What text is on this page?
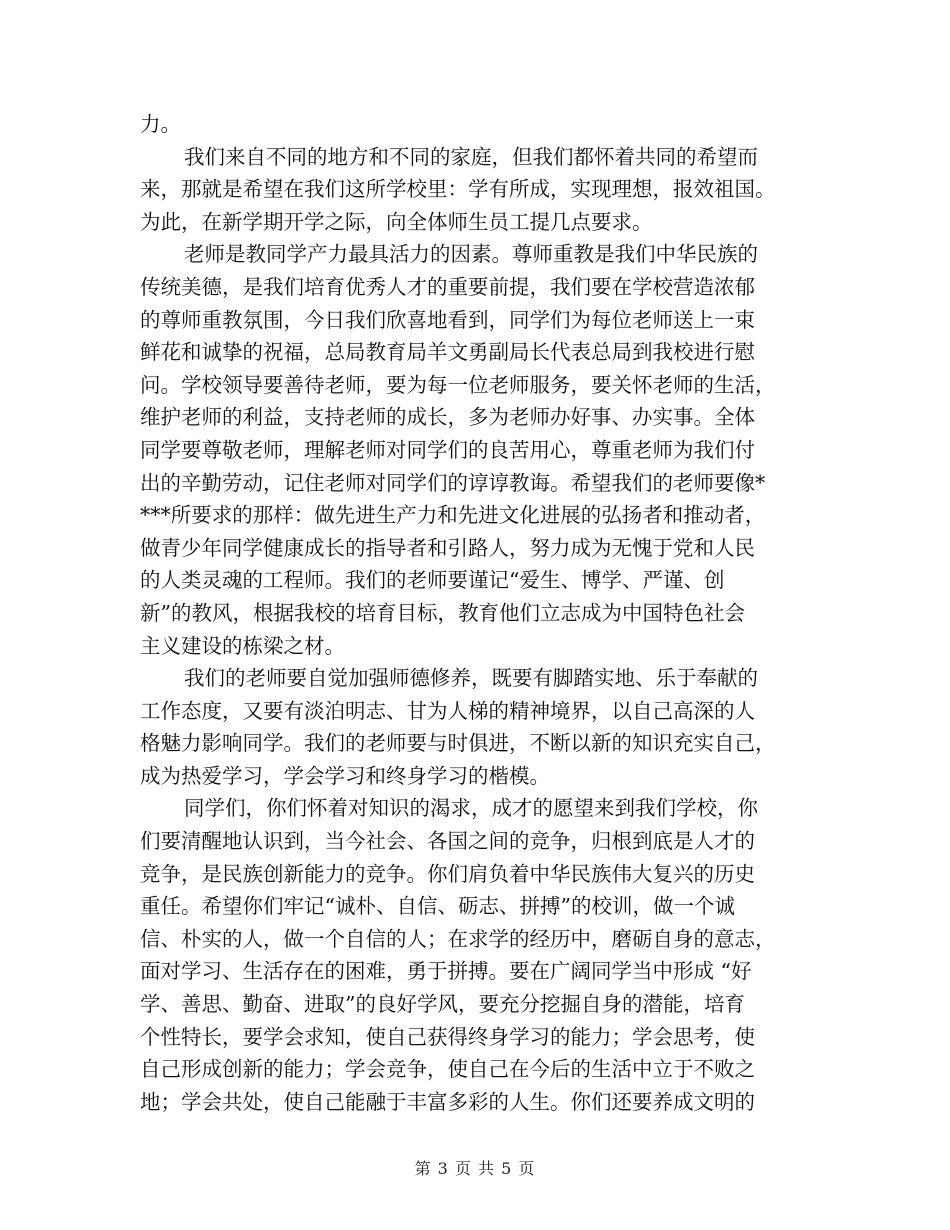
力。
我们来自不同的地方和不同的家庭，但我们都怀着共同的希望而
来，那就是希望在我们这所学校里：学有所成，实现理想，报效祖国。
为此，在新学期开学之际，向全体师生员工提几点要求。
老师是教同学产力最具活力的因素。尊师重教是我们中华民族的
传统美德，是我们培育优秀人才的重要前提，我们要在学校营造浓郁
的尊师重教氛围，今日我们欣喜地看到，同学们为每位老师送上一束
鲜花和诚挚的祝福，总局教育局羊文勇副局长代表总局到我校进行慰
问。学校领导要善待老师，要为每一位老师服务，要关怀老师的生活，
维护老师的利益，支持老师的成长，多为老师办好事、办实事。全体
同学要尊敬老师，理解老师对同学们的良苦用心，尊重老师为我们付
出的辛勤劳动，记住老师对同学们的谆谆教诲。希望我们的老师要像*
***所要求的那样：做先进生产力和先进文化进展的弘扬者和推动者，
做青少年同学健康成长的指导者和引路人，努力成为无愧于党和人民
的人类灵魂的工程师。我们的老师要谨记“爱生、博学、严谨、创
新”的教风，根据我校的培育目标，教育他们立志成为中国特色社会
主义建设的栋梁之材。
我们的老师要自觉加强师德修养，既要有脚踏实地、乐于奉献的
工作态度，又要有淡泊明志、甘为人梯的精神境界，以自己高深的人
格魅力影响同学。我们的老师要与时俱进，不断以新的知识充实自己，
成为热爱学习，学会学习和终身学习的楷模。
同学们，你们怀着对知识的渴求，成才的愿望来到我们学校，你
们要清醒地认识到，当今社会、各国之间的竞争，归根到底是人才的
竞争，是民族创新能力的竞争。你们肩负着中华民族伟大复兴的历史
重任。希望你们牢记“诚朴、自信、砺志、拼搏”的校训，做一个诚
信、朴实的人，做一个自信的人；在求学的经历中，磨砺自身的意志，
面对学习、生活存在的困难，勇于拼搏。要在广阔同学当中形成 “好
学、善思、勤奋、进取”的良好学风，要充分挖掘自身的潜能，培育
个性特长，要学会求知，使自己获得终身学习的能力；学会思考，使
自己形成创新的能力；学会竞争，使自己在今后的生活中立于不败之
地；学会共处，使自己能融于丰富多彩的人生。你们还要养成文明的
第 3 页 共 5 页
